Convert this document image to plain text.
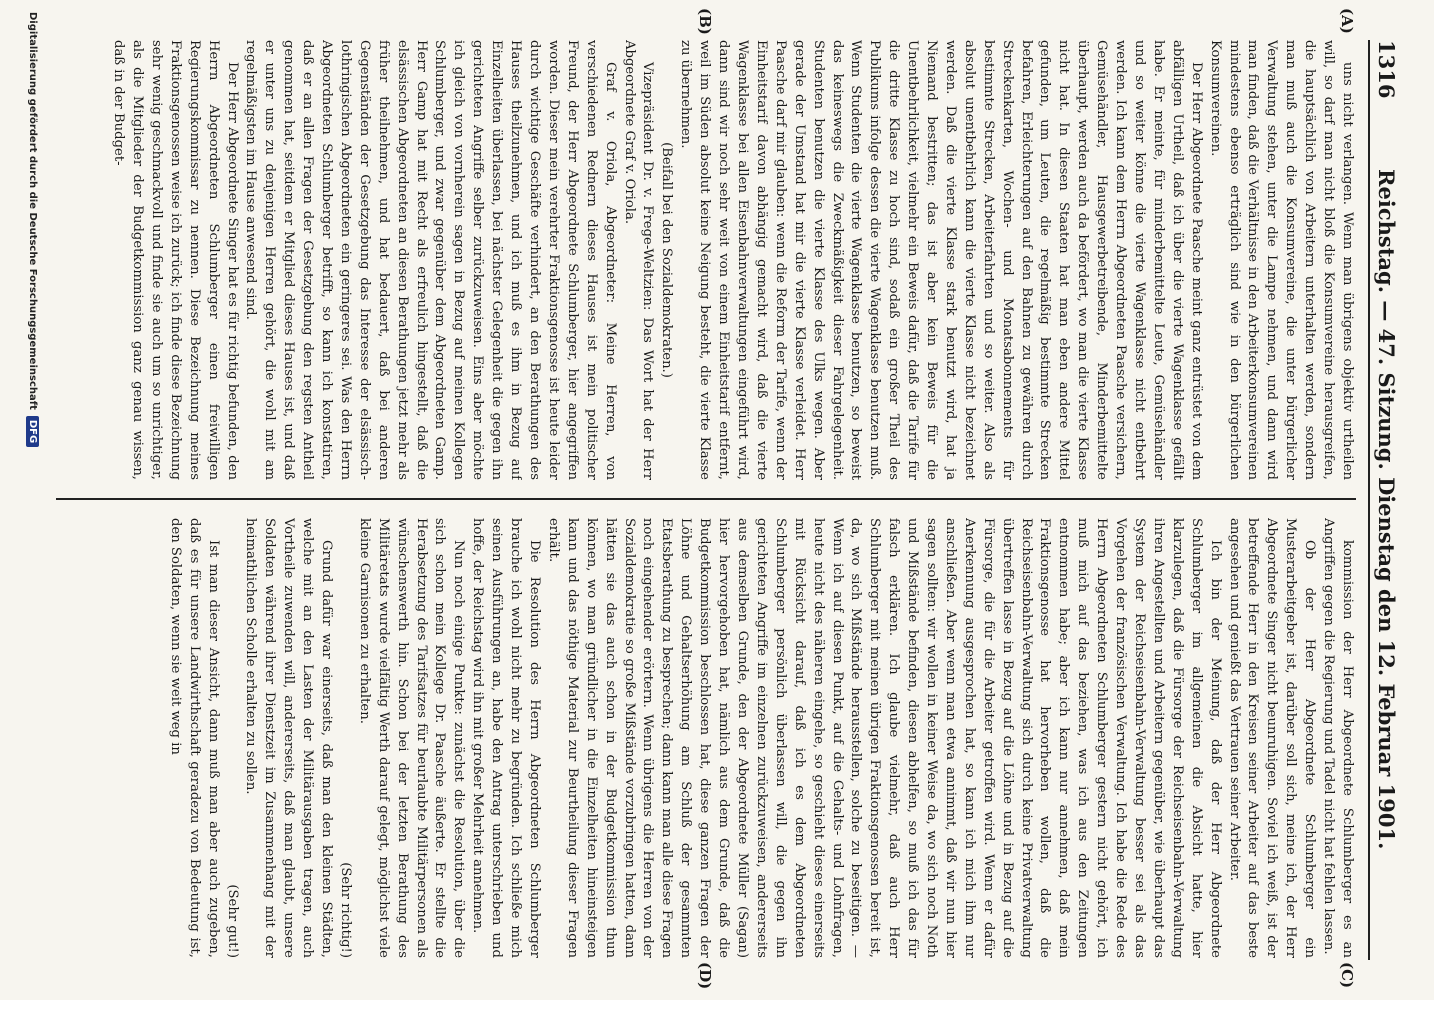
1316
Reichstag. — 47. Sitzung. Dienstag den 12. Februar 1901.
(A)
(B)
(C)
(D)

uns nicht verlangen. Wenn man übrigens objektiv urtheilen will, so darf man nicht bloß die Konsumvereine herausgreifen, die hauptsächlich von Arbeitern unterhalten werden, sondern man muß auch die Konsumvereine, die unter bürgerlicher Verwaltung stehen, unter die Lampe nehmen, und dann wird man finden, daß die Verhältnisse in den Arbeiterkonsumvereinen mindestens ebenso erträglich sind wie in den bürgerlichen Konsumvereinen.

Der Herr Abgeordnete Paasche meint ganz entrüstet von dem abfälligen Urtheil, daß ich über die vierte Wagenklasse gefällt habe. Er meinte, für minderbemittelte Leute, Gemüsehändler und so weiter könne die vierte Wagenklasse nicht entbehrt werden. Ich kann dem Herrn Abgeordneten Paasche versichern, Gemüsehändler, Hausgewerbetreibende, Minderbemittelte überhaupt, werden auch da befördert, wo man die vierte Klasse nicht hat. In diesen Staaten hat man eben andere Mittel gefunden, um Leuten, die regelmäßig bestimmte Strecken befahren, Erleichterungen auf den Bahnen zu gewähren durch Streckenkarten, Wochen- und Monatsabonnements für bestimmte Strecken, Arbeiterfahrten und so weiter. Also als absolut unentbehrlich kann die vierte Klasse nicht bezeichnet werden. Daß die vierte Klasse stark benutzt wird, hat ja Niemand bestritten; das ist aber kein Beweis für die Unentbehrlichkeit, vielmehr ein Beweis dafür, daß die Tarife für die dritte Klasse zu hoch sind, sodaß ein großer Theil des Publikums infolge dessen die vierte Wagenklasse benutzen muß. Wenn Studenten die vierte Wagenklasse benutzen, so beweist das keineswegs die Zweckmäßigkeit dieser Fahrgelegenheit. Studenten benutzen die vierte Klasse des Ulks wegen. Aber gerade der Umstand hat mir die vierte Klasse verleidet. Herr Paasche darf mir glauben: wenn die Reform der Tarife, wenn der Einheitstarif davon abhängig gemacht wird, daß die vierte Wagenklasse bei allen Eisenbahnverwaltungen eingeführt wird, dann sind wir noch sehr weit von einem Einheitstarif entfernt, weil im Süden absolut keine Neigung besteht, die vierte Klasse zu übernehmen.

(Beifall bei den Sozialdemokraten.)

Vizepräsident Dr. v. Frege-Weltzien: Das Wort hat der Herr Abgeordnete Graf v. Oriola.

Graf v. Oriola, Abgeordneter: Meine Herren, von verschiedenen Rednern dieses Hauses ist mein politischer Freund, der Herr Abgeordnete Schlumberger, hier angegriffen worden. Dieser mein verehrter Fraktionsgenosse ist heute leider durch wichtige Geschäfte verhindert, an den Berathungen des Hauses theilzunehmen, und ich muß es ihm in Bezug auf Einzelheiten überlassen, bei nächster Gelegenheit die gegen ihn gerichteten Angriffe selber zurückzuweisen. Eins aber möchte ich gleich von vornherein sagen in Bezug auf meinen Kollegen Schlumberger, und zwar gegenüber dem Abgeordneten Gamp. Herr Gamp hat mit Recht als erfreulich hingestellt, daß die elsässischen Abgeordneten an diesen Berathungen jetzt mehr als früher theilnehmen, und hat bedauert, daß bei anderen Gegenständen der Gesetzgebung das Interesse der elsässisch-lothringischen Abgeordneten ein geringeres sei. Was den Herrn Abgeordneten Schlumberger betrifft, so kann ich konstatiren, daß er an allen Fragen der Gesetzgebung den regsten Antheil genommen hat, seitdem er Mitglied dieses Hauses ist, und daß er unter uns zu denjenigen Herren gehört, die wohl mit am regelmäßigsten im Hause anwesend sind.

Der Herr Abgeordnete Singer hat es für richtig befunden, den Herrn Abgeordneten Schlumberger einen freiwilligen Regierungskommissar zu nennen. Diese Bezeichnung meines Fraktionsgenossen weise ich zurück; ich finde diese Bezeichnung sehr wenig geschmackvoll und finde sie auch um so unrichtiger, als die Mitglieder der Budgetkommission ganz genau wissen, daß in der Budget-

kommission der Herr Abgeordnete Schlumberger es an Angriffen gegen die Regierung und Tadel nicht hat fehlen lassen.

Ob der Herr Abgeordnete Schlumberger ein Musterarbeitgeber ist, darüber soll sich, meine ich, der Herr Abgeordnete Singer nicht beunruhigen. Soviel ich weiß, ist der betreffende Herr in den Kreisen seiner Arbeiter auf das beste angesehen und genießt das Vertrauen seiner Arbeiter.

Ich bin der Meinung, daß der Herr Abgeordnete Schlumberger im allgemeinen die Absicht hatte, hier klarzulegen, daß die Fürsorge der Reichseisenbahn-Verwaltung ihren Angestellten und Arbeitern gegenüber, wie überhaupt das System der Reichseisenbahn-Verwaltung besser sei als das Vorgehen der französischen Verwaltung. Ich habe die Rede des Herrn Abgeordneten Schlumberger gestern nicht gehört, ich muß mich auf das beziehen, was ich aus den Zeitungen entnommen habe; aber ich kann nur annehmen, daß mein Fraktionsgenosse hat hervorheben wollen, daß die Reichseisenbahn-Verwaltung sich durch keine Privatverwaltung übertreffen lasse in Bezug auf die Löhne und in Bezug auf die Fürsorge, die für die Arbeiter getroffen wird. Wenn er dafür Anerkennung ausgesprochen hat, so kann ich mich ihm nur anschließen. Aber wenn man etwa annimmt, daß wir nun hier sagen sollten: wir wollen in keiner Weise da, wo sich noch Noth und Mißstände befinden, diesen abhelfen, so muß ich das für falsch erklären. Ich glaube vielmehr, daß auch Herr Schlumberger mit meinen übrigen Fraktionsgenossen bereit ist, da, wo sich Mißstände herausstellen, solche zu beseitigen. — Wenn ich auf diesen Punkt, auf die Gehalts- und Lohnfragen, heute nicht des näheren eingehe, so geschieht dieses einerseits mit Rücksicht darauf, daß ich es dem Abgeordneten Schlumberger persönlich überlassen will, die gegen ihn gerichteten Angriffe im einzelnen zurückzuweisen, andererseits aus demselben Grunde, den der Abgeordnete Müller (Sagan) hier hervorgehoben hat, nämlich aus dem Grunde, daß die Budgetkommission beschlossen hat, diese ganzen Fragen der Löhne und Gehaltserhöhung am Schluß der gesammten Etatsberathung zu besprechen; dann kann man alle diese Fragen noch eingehender erörtern. Wenn übrigens die Herren von der Sozialdemokratie so große Mißstände vorzubringen hatten, dann hätten sie das auch schon in der Budgetkommission thun können, wo man gründlicher in die Einzelheiten hineinsteigen kann und das nöthige Material zur Beurtheilung dieser Fragen erhält.

Die Resolution des Herrn Abgeordneten Schlumberger brauche ich wohl nicht mehr zu begründen. Ich schließe mich seinen Ausführungen an, habe den Antrag unterschrieben und hoffe, der Reichstag wird ihn mit großer Mehrheit annehmen.

Nun noch einige Punkte: zunächst die Resolution, über die sich schon mein Kollege Dr. Paasche äußerte. Er stellte die Herabsetzung des Tarifsatzes für beurlaubte Militärpersonen als wünschenswerth hin. Schon bei der letzten Berathung des Militäretats wurde vielfältig Werth darauf gelegt, möglichst viele kleine Garnisonen zu erhalten.

(Sehr richtig!)

Grund dafür war einerseits, daß man den kleinen Städten, welche mit an den Lasten der Militärausgaben tragen, auch Vortheile zuwenden will, andererseits, daß man glaubt, unsere Soldaten während ihrer Dienstzeit im Zusammenhang mit der heimathlichen Scholle erhalten zu sollen.

(Sehr gut!)

Ist man dieser Ansicht, dann muß man aber auch zugeben, daß es für unsere Landwirthschaft geradezu von Bedeutung ist, den Soldaten, wenn sie weit weg in

Digitalisierung gefördert durch die Deutsche Forschungsgemeinschaft
DFG
